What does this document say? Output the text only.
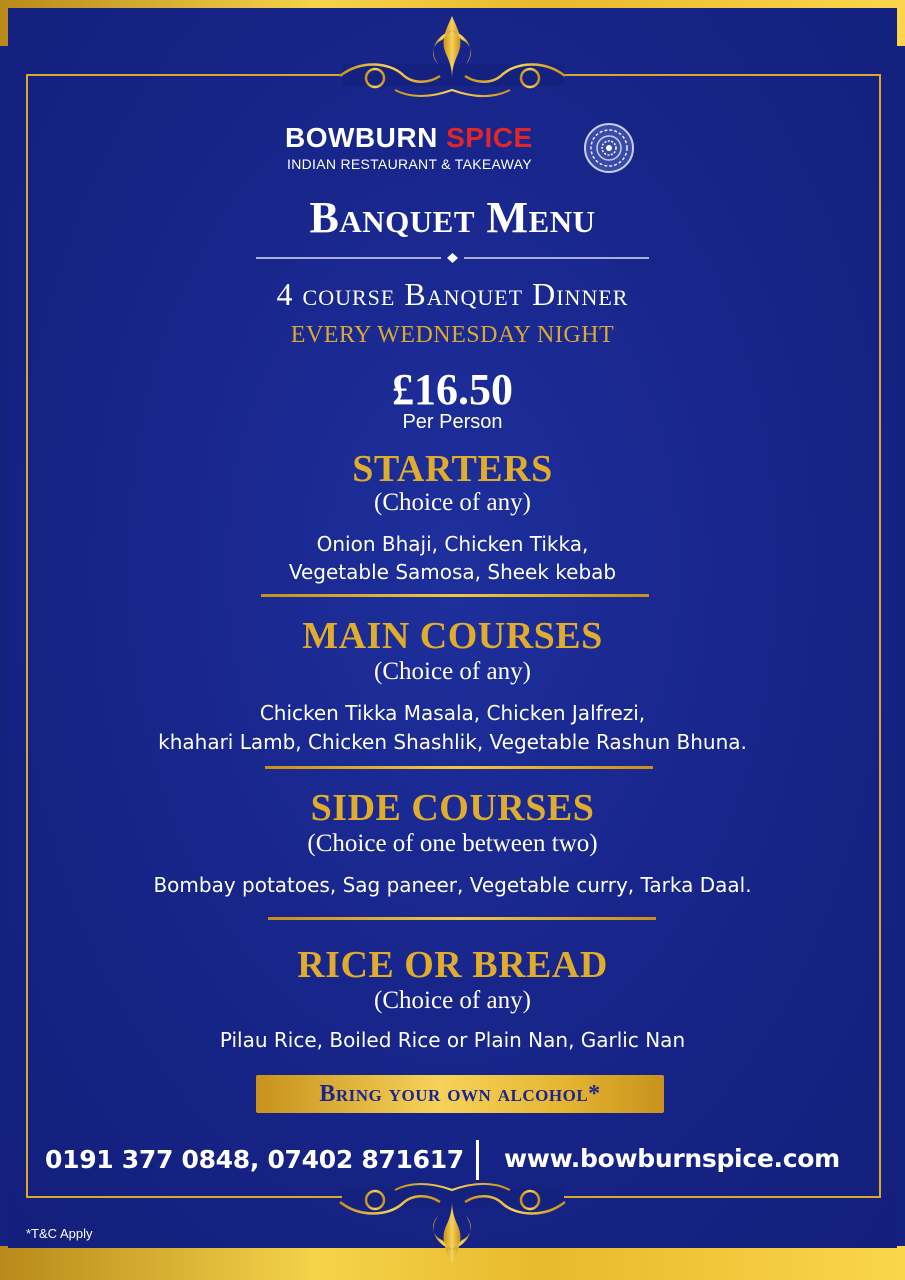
BOWBURN SPICE
INDIAN RESTAURANT & TAKEAWAY
Banquet Menu
4 course Banquet Dinner
EVERY WEDNESDAY NIGHT
£16.50
Per Person
STARTERS
(Choice of any)
Onion Bhaji, Chicken Tikka,
Vegetable Samosa, Sheek kebab
MAIN COURSES
(Choice of any)
Chicken Tikka Masala, Chicken Jalfrezi,
khahari Lamb, Chicken Shashlik, Vegetable Rashun Bhuna.
SIDE COURSES
(Choice of one between two)
Bombay potatoes, Sag paneer, Vegetable curry, Tarka Daal.
RICE OR BREAD
(Choice of any)
Pilau Rice, Boiled Rice or Plain Nan, Garlic Nan
Bring your own alcohol*
0191 377 0848, 07402 871617 www.bowburnspice.com
*T&C Apply
